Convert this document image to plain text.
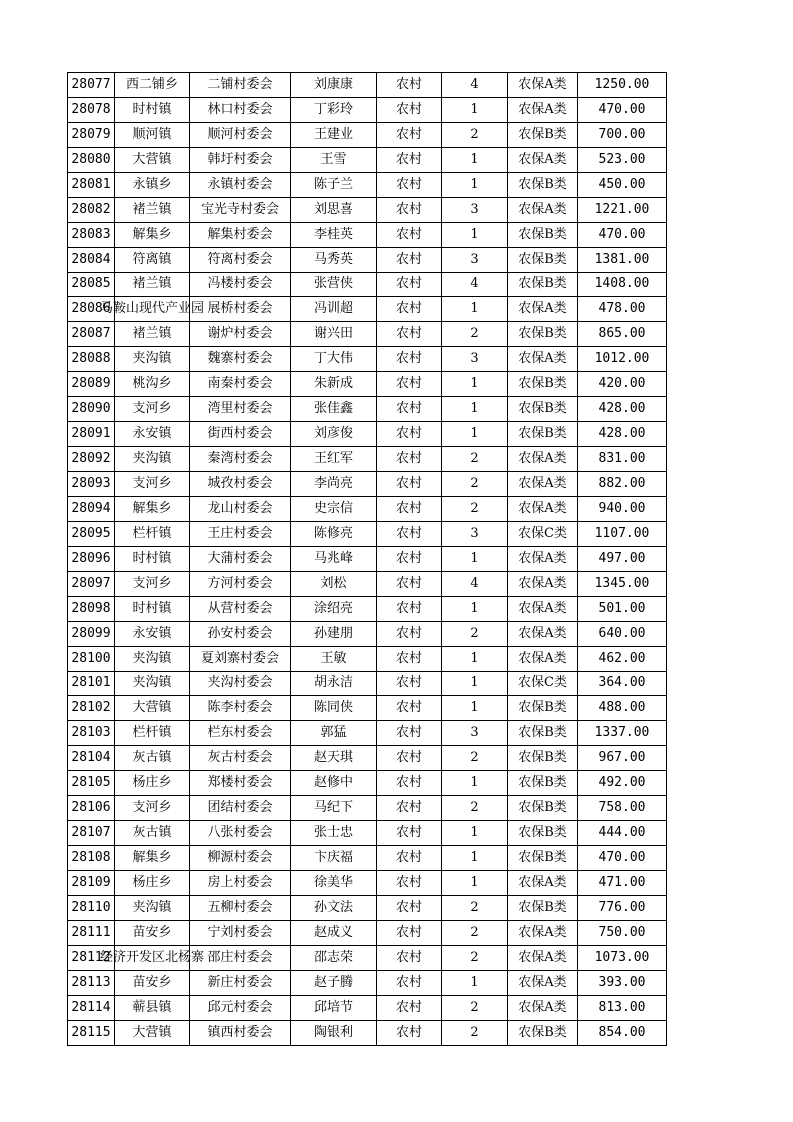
28077	西二铺乡	二铺村委会	刘康康	农村	4	农保A类	1250.00
28078	时村镇	林口村委会	丁彩玲	农村	1	农保A类	470.00
28079	顺河镇	顺河村委会	王建业	农村	2	农保B类	700.00
28080	大营镇	韩圩村委会	王雪	农村	1	农保A类	523.00
28081	永镇乡	永镇村委会	陈子兰	农村	1	农保B类	450.00
28082	褚兰镇	宝光寺村委会	刘思喜	农村	3	农保A类	1221.00
28083	解集乡	解集村委会	李桂英	农村	1	农保B类	470.00
28084	符离镇	符离村委会	马秀英	农村	3	农保B类	1381.00
28085	褚兰镇	冯楼村委会	张营侠	农村	4	农保B类	1408.00
28086	马鞍山现代产业园	展桥村委会	冯训超	农村	1	农保A类	478.00
28087	褚兰镇	谢炉村委会	谢兴田	农村	2	农保B类	865.00
28088	夹沟镇	魏寨村委会	丁大伟	农村	3	农保A类	1012.00
28089	桃沟乡	南秦村委会	朱新成	农村	1	农保B类	420.00
28090	支河乡	湾里村委会	张佳鑫	农村	1	农保B类	428.00
28091	永安镇	街西村委会	刘彦俊	农村	1	农保B类	428.00
28092	夹沟镇	秦湾村委会	王红军	农村	2	农保A类	831.00
28093	支河乡	城孜村委会	李尚亮	农村	2	农保A类	882.00
28094	解集乡	龙山村委会	史宗信	农村	2	农保A类	940.00
28095	栏杆镇	王庄村委会	陈修亮	农村	3	农保C类	1107.00
28096	时村镇	大蒲村委会	马兆峰	农村	1	农保A类	497.00
28097	支河乡	方河村委会	刘松	农村	4	农保A类	1345.00
28098	时村镇	从营村委会	涂绍亮	农村	1	农保A类	501.00
28099	永安镇	孙安村委会	孙建朋	农村	2	农保A类	640.00
28100	夹沟镇	夏刘寨村委会	王敏	农村	1	农保A类	462.00
28101	夹沟镇	夹沟村委会	胡永洁	农村	1	农保C类	364.00
28102	大营镇	陈李村委会	陈同侠	农村	1	农保B类	488.00
28103	栏杆镇	栏东村委会	郭猛	农村	3	农保B类	1337.00
28104	灰古镇	灰古村委会	赵天琪	农村	2	农保B类	967.00
28105	杨庄乡	郑楼村委会	赵修中	农村	1	农保B类	492.00
28106	支河乡	团结村委会	马纪下	农村	2	农保B类	758.00
28107	灰古镇	八张村委会	张士忠	农村	1	农保B类	444.00
28108	解集乡	柳源村委会	卞庆福	农村	1	农保B类	470.00
28109	杨庄乡	房上村委会	徐美华	农村	1	农保A类	471.00
28110	夹沟镇	五柳村委会	孙文法	农村	2	农保B类	776.00
28111	苗安乡	宁刘村委会	赵成义	农村	2	农保A类	750.00
28112	经济开发区北杨寨	邵庄村委会	邵志荣	农村	2	农保A类	1073.00
28113	苗安乡	新庄村委会	赵子腾	农村	1	农保A类	393.00
28114	蕲县镇	邱元村委会	邱培节	农村	2	农保A类	813.00
28115	大营镇	镇西村委会	陶银利	农村	2	农保B类	854.00
